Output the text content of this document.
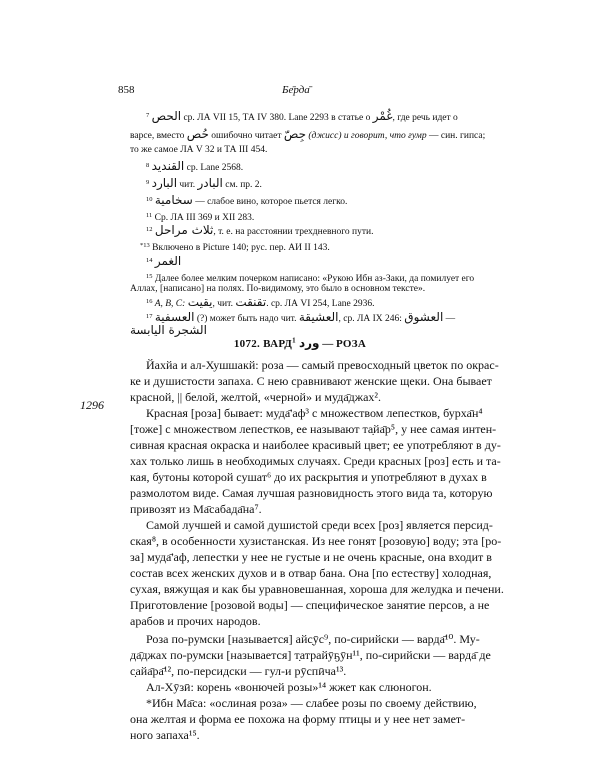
858	Бе̄рда̄
$^7$ الحص ср. ЛА VII 15, ТА IV 380. Lane 2293 в статье о غُمْر, где речь идет о
варсе, вместо حُص ошибочно читает جِصّ (джисс) и говорит, что ғумр — син. гипса;
то же самое ЛА V 32 и ТА III 454.
$^8$ القنديد ср. Lane 2568.
$^9$ البارد чит. البادر см. пр. 2.
$^{10}$ سخامية — слабое вино, которое пьется легко.
$^{11}$ Ср. ЛА III 369 и XII 283.
$^{12}$ ثلاث مراحل, т. е. на расстоянии трехдневного пути.
$^{*13}$ Включено в Picture 140; рус. пер. АИ II 143.
$^{14}$ الغمر
$^{15}$ Далее более мелким почерком написано: «Рукою Ибн аз-Заки, да помилует его
Аллах, [написано] на полях. По-видимому, это было в основном тексте».
1072. ВАРД$^1$ ورد — РОЗА
$^{16}$ A, B, C: يقيت, чит. تقنقت. ср. ЛА VI 254, Lane 2936.
$^{17}$ العسفية (?) может быть надо чит. العشيقة, ср. ЛА IX 246: العشوق —
الشجرة اليابسة
1296
Йахйа и ал-Хушшакй: роза — самый превосходный цветок по окрас-
ке и душистости запаха. С нею сравнивают женские щеки. Она бывает
красной, || белой, желтой, «черной» и муда̄джах².
Красная [роза] бывает: муда̄'аф³ с множеством лепестков, бурха̄н⁴
[тоже] с множеством лепестков, ее называют та̣йа̄р⁵, у нее самая интен-
сивная красная окраска и наиболее красивый цвет; ее употребляют в ду-
хах только лишь в необходимых случаях. Среди красных [роз] есть и та-
кая, бутоны которой сушат⁶ до их раскрытия и употребляют в духах в
размолотом виде. Самая лучшая разновидность этого вида та, которую
привозят из Ма̄сабада̄на⁷.
Самой лучшей и самой душистой среди всех [роз] является персид-
ская⁸, в особенности хузистанская. Из нее гонят [розовую] воду; эта [ро-
за] муда̄'аф, лепестки у нее не густые и не очень красные, она входит в
состав всех женских духов и в отвар бана. Она [по естеству] холодная,
сухая, вяжущая и как бы уравновешанная, хороша для желудка и печени.
Приготовление [розовой воды] — специфическое занятие персов, а не
арабов и прочих народов.
Роза по-румски [называется] айс̣ӯс⁹, по-сирийски — варда̄¹⁰. Му-
да̄джах по-румски [называется] т̣атрайӯҕӯн¹¹, по-сирийски — варда̄ де
с̣айа̄ра̄¹², по-персидски — гул-и рӯспӣча¹³.
Ал-Хӯзӣ: корень «вонючей розы»¹⁴ жжет как слюногон.
*Ибн Ма̄са: «ослиная роза» — слабее розы по своему действию,
она желтая и форма ее похожа на форму птицы и у нее нет замет-
ного запаха¹⁵.
